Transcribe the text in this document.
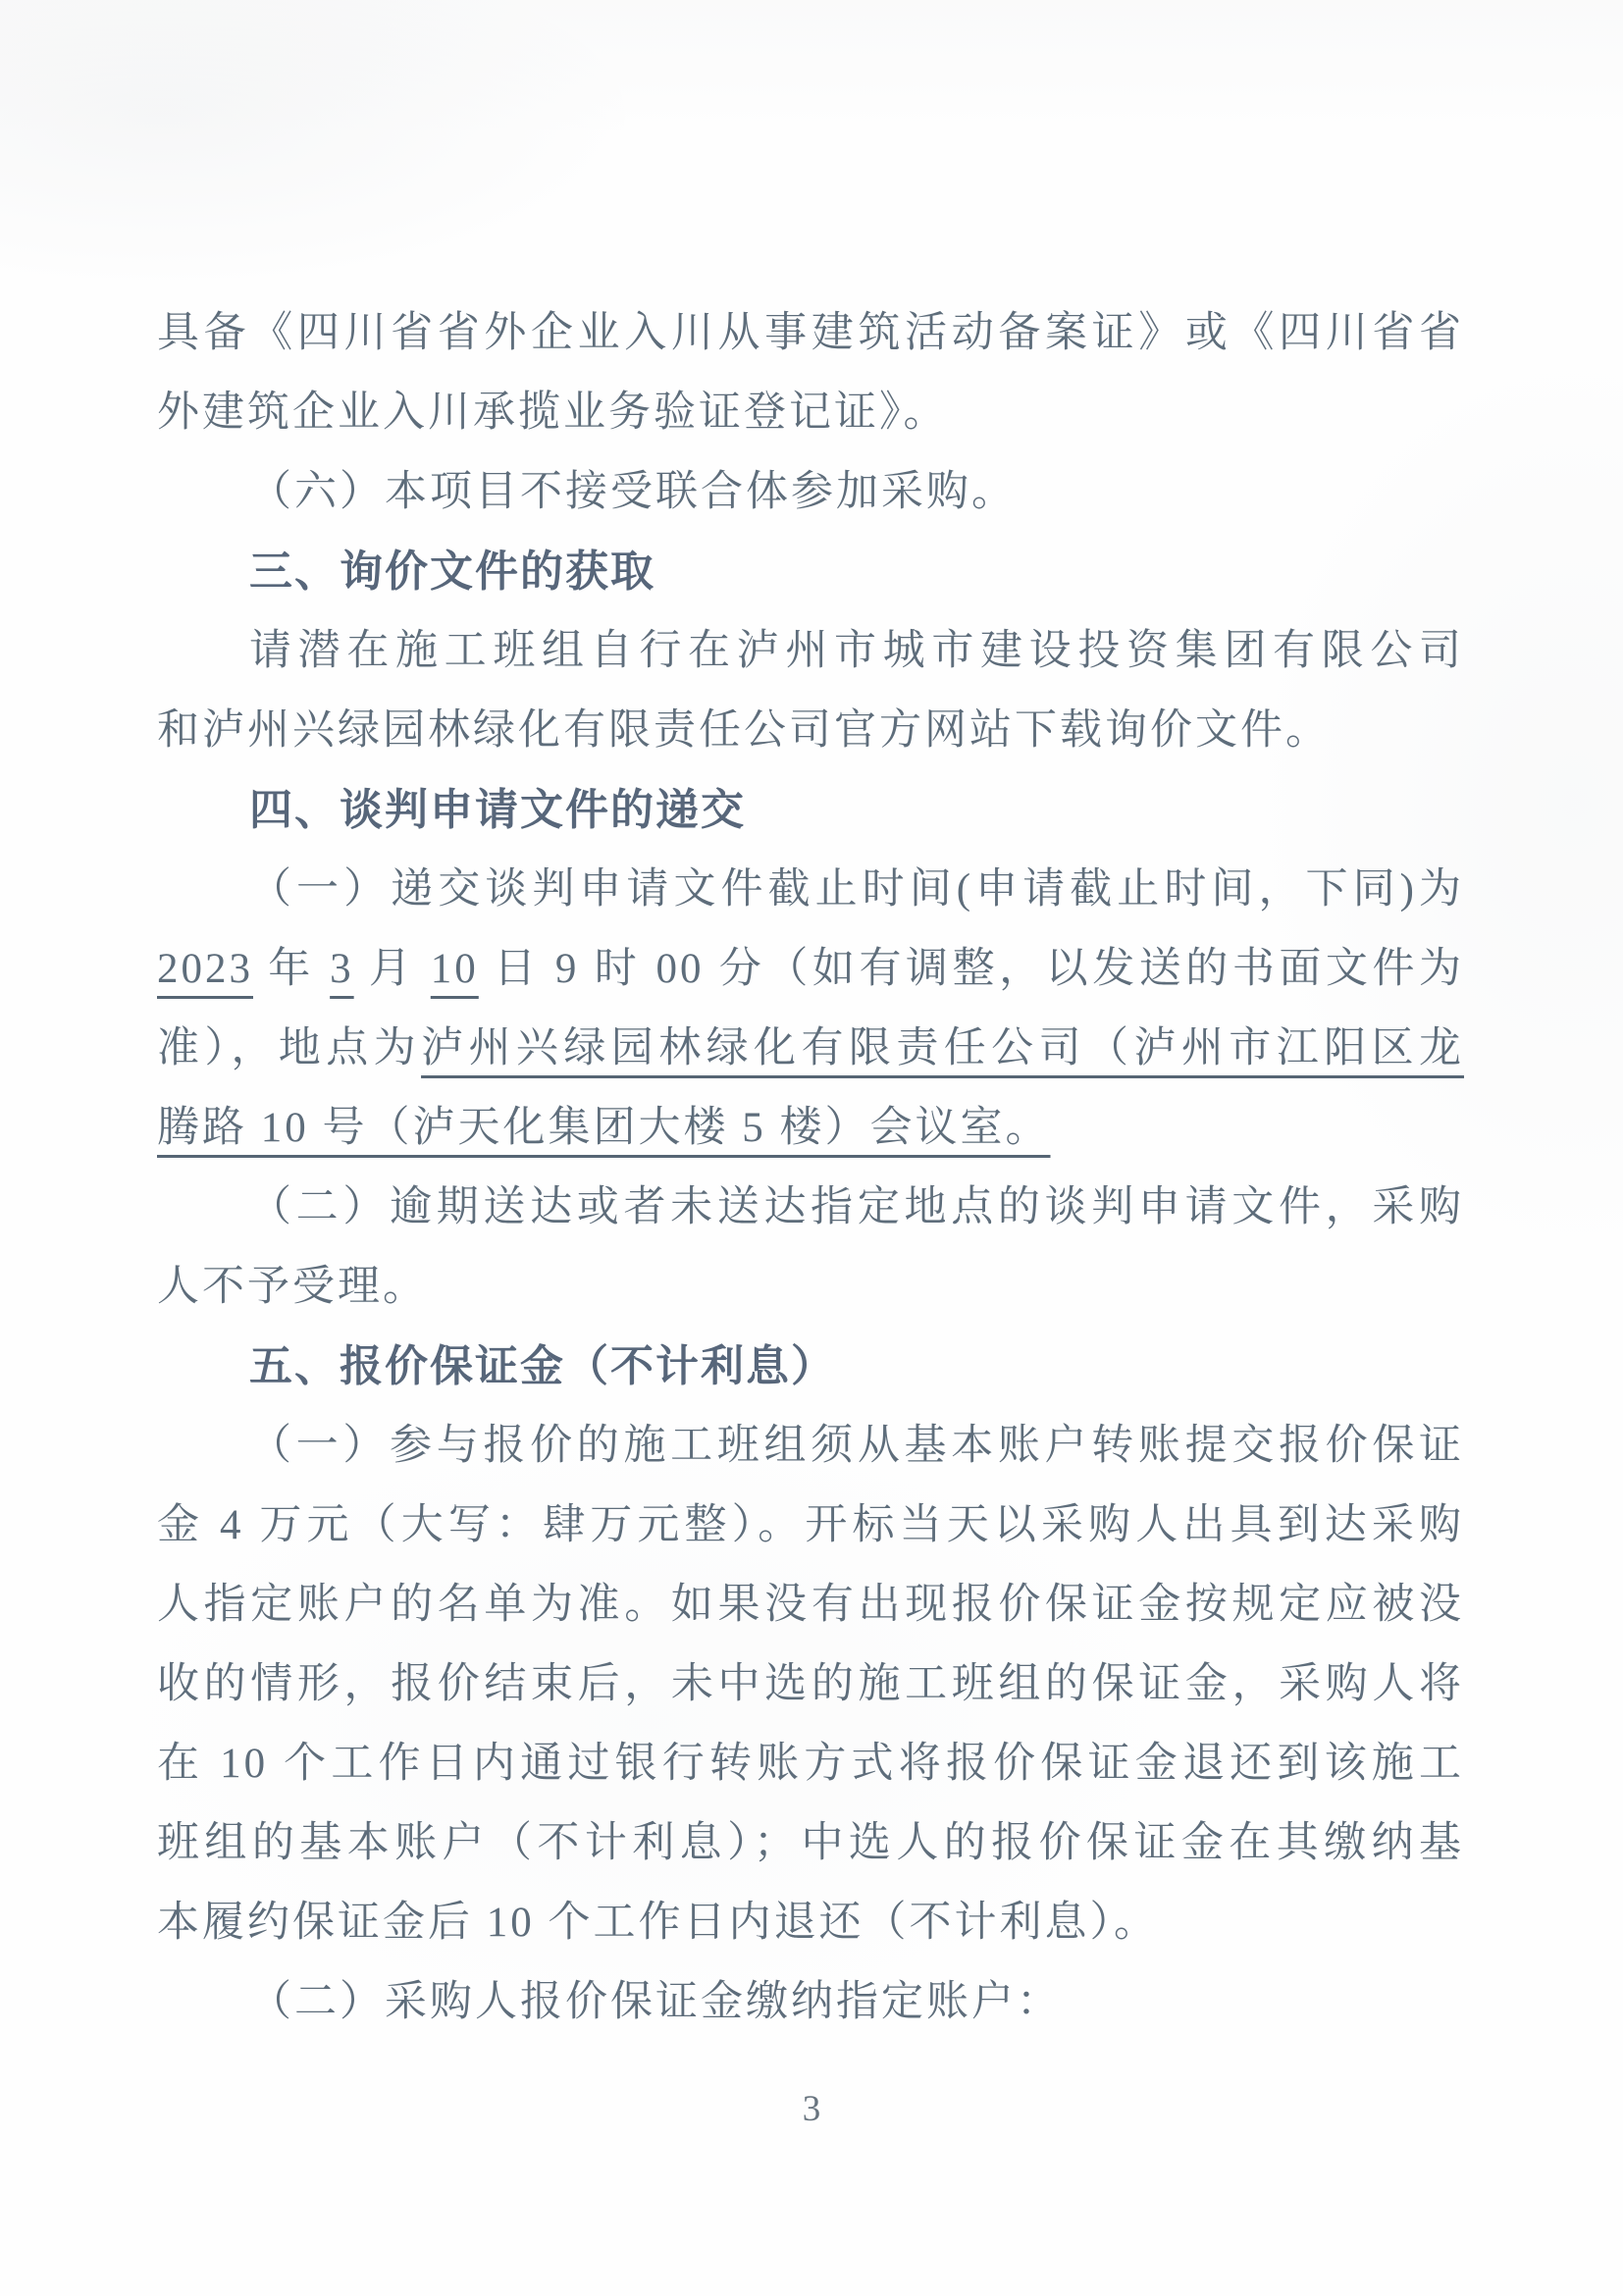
具备《四川省省外企业入川从事建筑活动备案证》或《四川省省
外建筑企业入川承揽业务验证登记证》。
（六）本项目不接受联合体参加采购。
三、询价文件的获取
请潜在施工班组自行在泸州市城市建设投资集团有限公司
和泸州兴绿园林绿化有限责任公司官方网站下载询价文件。
四、谈判申请文件的递交
（一）递交谈判申请文件截止时间(申请截止时间，下同)为
2023 年 3 月 10 日 9 时 00 分（如有调整，以发送的书面文件为
准），地点为泸州兴绿园林绿化有限责任公司（泸州市江阳区龙
腾路 10 号（泸天化集团大楼 5 楼）会议室。
（二）逾期送达或者未送达指定地点的谈判申请文件，采购
人不予受理。
五、报价保证金（不计利息）
（一）参与报价的施工班组须从基本账户转账提交报价保证
金 4 万元（大写：肆万元整）。开标当天以采购人出具到达采购
人指定账户的名单为准。如果没有出现报价保证金按规定应被没
收的情形，报价结束后，未中选的施工班组的保证金，采购人将
在 10 个工作日内通过银行转账方式将报价保证金退还到该施工
班组的基本账户（不计利息）；中选人的报价保证金在其缴纳基
本履约保证金后 10 个工作日内退还（不计利息）。
（二）采购人报价保证金缴纳指定账户：
3
